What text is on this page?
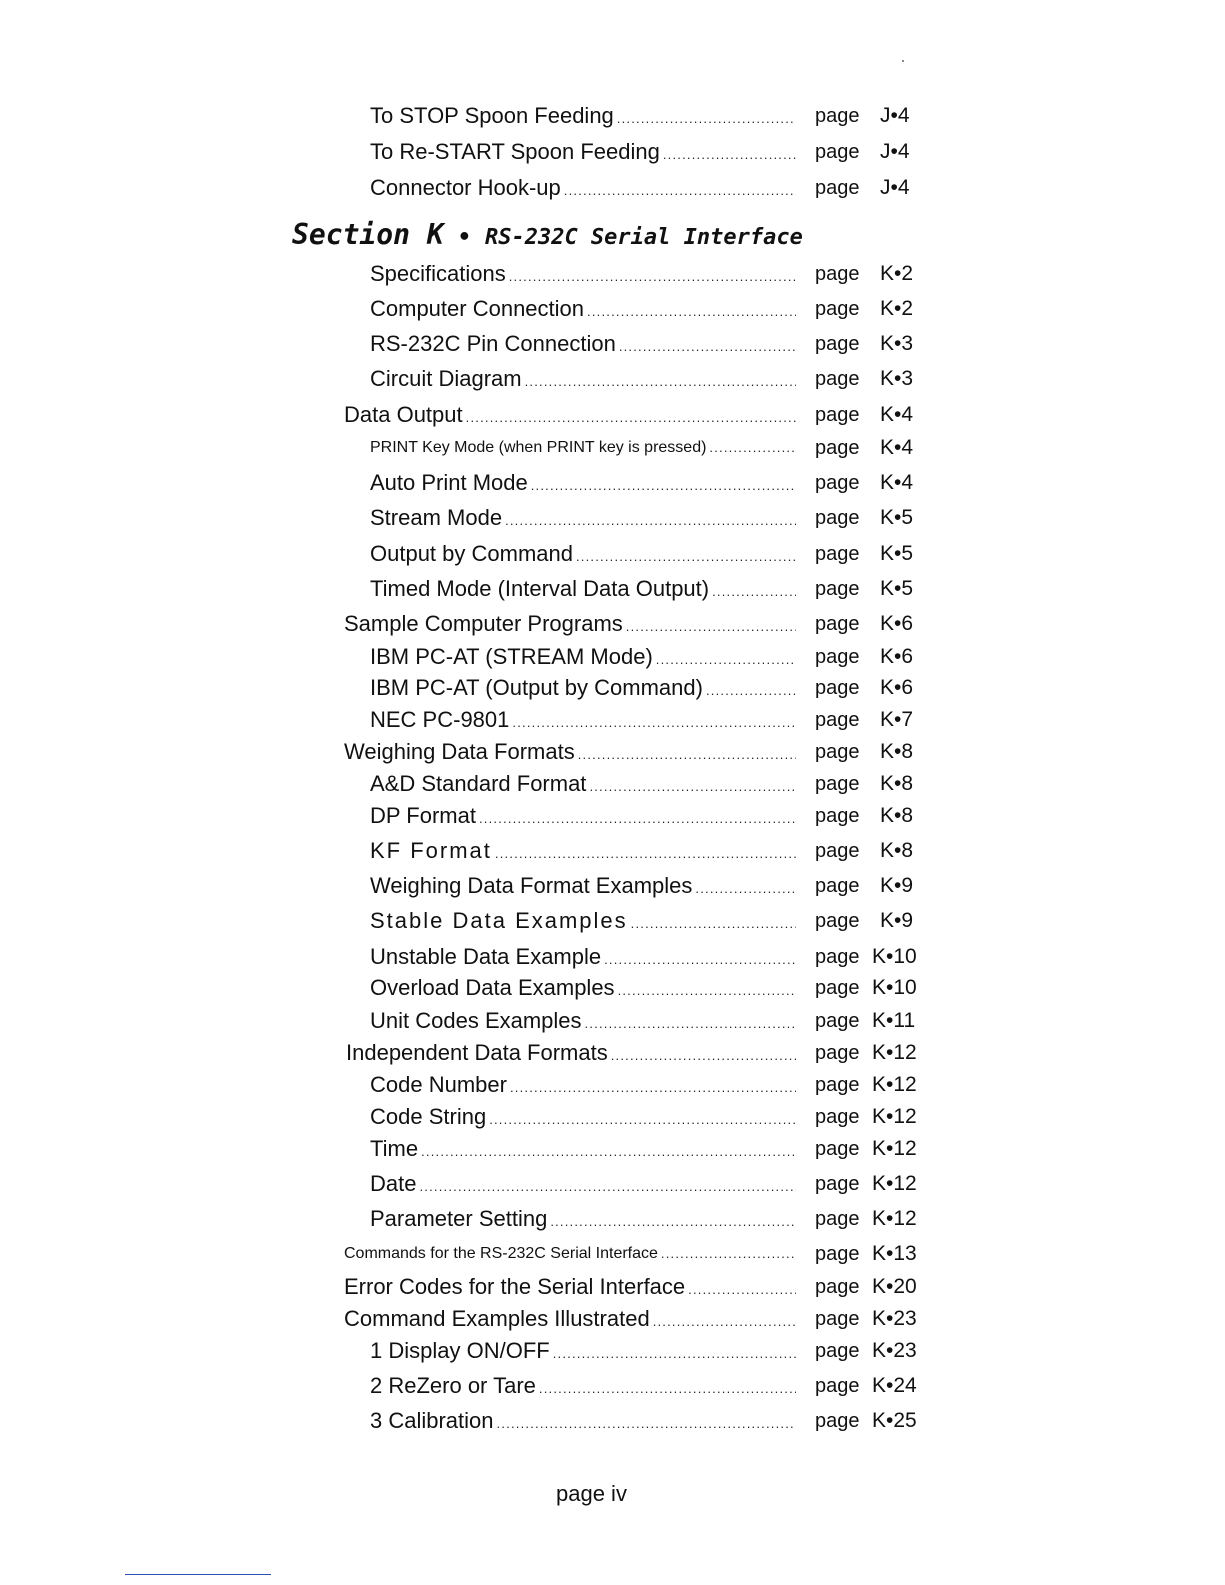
To STOP Spoon Feeding .....	page J•4
To Re-START Spoon Feeding .....	page J•4
Connector Hook-up .....	page J•4
Section K • RS-232C Serial Interface
Specifications .....	page K•2
Computer Connection .....	page K•2
RS-232C Pin Connection .....	page K•3
Circuit Diagram .....	page K•3
Data Output .....	page K•4
PRINT Key Mode (when PRINT key is pressed) .....	page K•4
Auto Print Mode .....	page K•4
Stream Mode .....	page K•5
Output by Command .....	page K•5
Timed Mode (Interval Data Output) .....	page K•5
Sample Computer Programs .....	page K•6
IBM PC-AT (STREAM Mode) .....	page K•6
IBM PC-AT (Output by Command) .....	page K•6
NEC PC-9801 .....	page K•7
Weighing Data Formats .....	page K•8
A&D Standard Format .....	page K•8
DP Format .....	page K•8
KF Format .....	page K•8
Weighing Data Format Examples .....	page K•9
Stable Data Examples .....	page K•9
Unstable Data Example .....	page K•10
Overload Data Examples .....	page K•10
Unit Codes Examples .....	page K•11
Independent Data Formats .....	page K•12
Code Number .....	page K•12
Code String .....	page K•12
Time .....	page K•12
Date .....	page K•12
Parameter Setting .....	page K•12
Commands for the RS-232C Serial Interface .....	page K•13
Error Codes for the Serial Interface .....	page K•20
Command Examples Illustrated .....	page K•23
1 Display ON/OFF .....	page K•23
2 ReZero or Tare .....	page K•24
3 Calibration .....	page K•25
page iv
